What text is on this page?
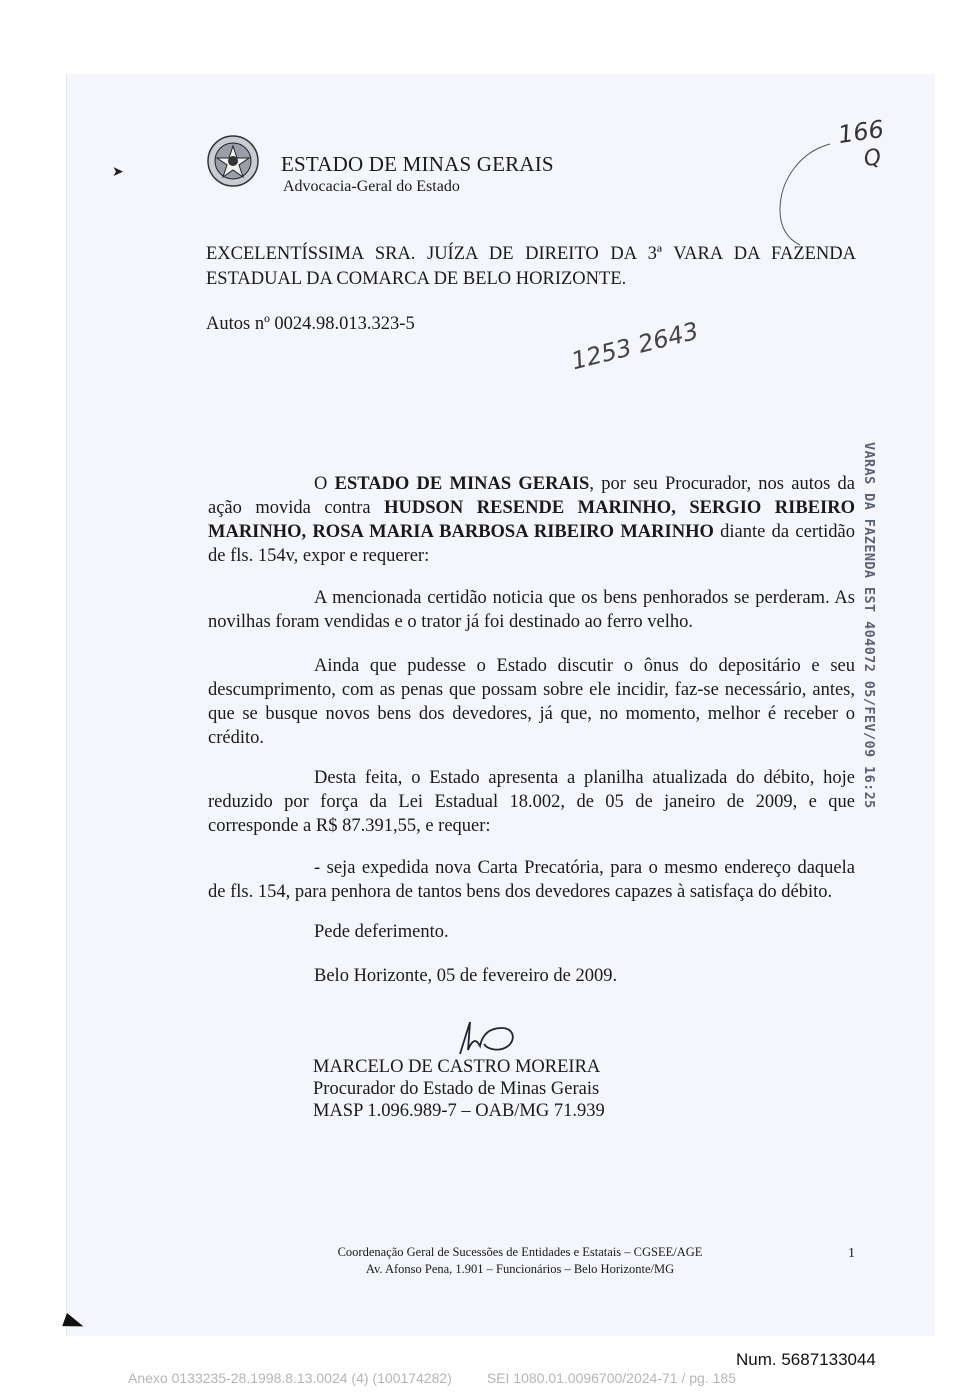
➤	ESTADO DE MINAS GERAIS
Advocacia-Geral do Estado
166
Q
EXCELENTÍSSIMA SRA. JUÍZA DE DIREITO DA 3ª VARA DA FAZENDA
ESTADUAL DA COMARCA DE BELO HORIZONTE.
Autos nº 0024.98.013.323-5	1253 2643
VARAS DA FAZENDA EST 404072 05/FEV/09 16:25

O ESTADO DE MINAS GERAIS, por seu Procurador, nos autos da ação movida contra HUDSON RESENDE MARINHO, SERGIO RIBEIRO MARINHO, ROSA MARIA BARBOSA RIBEIRO MARINHO diante da certidão de fls. 154v, expor e requerer:

A mencionada certidão noticia que os bens penhorados se perderam. As novilhas foram vendidas e o trator já foi destinado ao ferro velho.

Ainda que pudesse o Estado discutir o ônus do depositário e seu descumprimento, com as penas que possam sobre ele incidir, faz-se necessário, antes, que se busque novos bens dos devedores, já que, no momento, melhor é receber o crédito.

Desta feita, o Estado apresenta a planilha atualizada do débito, hoje reduzido por força da Lei Estadual 18.002, de 05 de janeiro de 2009, e que corresponde a R$ 87.391,55, e requer:

- seja expedida nova Carta Precatória, para o mesmo endereço daquela de fls. 154, para penhora de tantos bens dos devedores capazes à satisfaça do débito.

Pede deferimento.
Belo Horizonte, 05 de fevereiro de 2009.
MARCELO DE CASTRO MOREIRA
Procurador do Estado de Minas Gerais
MASP 1.096.989-7 – OAB/MG 71.939
Coordenação Geral de Sucessões de Entidades e Estatais – CGSEE/AGE
Av. Afonso Pena, 1.901 – Funcionários – Belo Horizonte/MG
1
Num. 5687133044
Anexo 0133235-28.1998.8.13.0024 (4) (100174282)         SEI 1080.01.0096700/2024-71 / pg. 185
